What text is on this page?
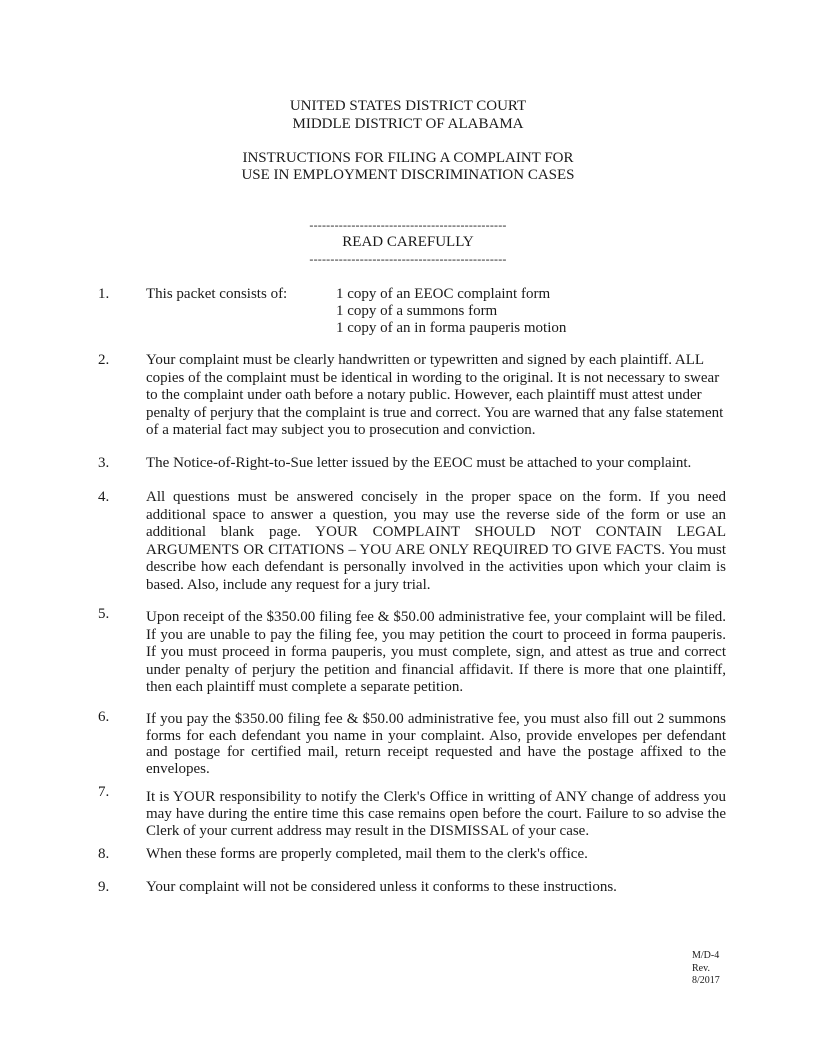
UNITED STATES DISTRICT COURT
MIDDLE DISTRICT OF ALABAMA
INSTRUCTIONS FOR FILING A COMPLAINT FOR
USE IN EMPLOYMENT DISCRIMINATION CASES
-----------------------------------------------
READ CAREFULLY
-----------------------------------------------
1. This packet consists of:	1 copy of an EEOC complaint form
1 copy of a summons form
1 copy of an in forma pauperis motion
2. Your complaint must be clearly handwritten or typewritten and signed by each plaintiff. ALL copies of the complaint must be identical in wording to the original. It is not necessary to swear to the complaint under oath before a notary public. However, each plaintiff must attest under penalty of perjury that the complaint is true and correct. You are warned that any false statement of a material fact may subject you to prosecution and conviction.
3. The Notice-of-Right-to-Sue letter issued by the EEOC must be attached to your complaint.
4. All questions must be answered concisely in the proper space on the form. If you need additional space to answer a question, you may use the reverse side of the form or use an additional blank page. YOUR COMPLAINT SHOULD NOT CONTAIN LEGAL ARGUMENTS OR CITATIONS – YOU ARE ONLY REQUIRED TO GIVE FACTS. You must describe how each defendant is personally involved in the activities upon which your claim is based. Also, include any request for a jury trial.
5. Upon receipt of the $350.00 filing fee & $50.00 administrative fee, your complaint will be filed. If you are unable to pay the filing fee, you may petition the court to proceed in forma pauperis. If you must proceed in forma pauperis, you must complete, sign, and attest as true and correct under penalty of perjury the petition and financial affidavit. If there is more that one plaintiff, then each plaintiff must complete a separate petition.
6. If you pay the $350.00 filing fee & $50.00 administrative fee, you must also fill out 2 summons forms for each defendant you name in your complaint. Also, provide envelopes per defendant and postage for certified mail, return receipt requested and have the postage affixed to the envelopes.
7. It is YOUR responsibility to notify the Clerk's Office in writting of ANY change of address you may have during the entire time this case remains open before the court. Failure to so advise the Clerk of your current address may result in the DISMISSAL of your case.
8. When these forms are properly completed, mail them to the clerk's office.
9. Your complaint will not be considered unless it conforms to these instructions.
M/D-4
Rev.
8/2017
